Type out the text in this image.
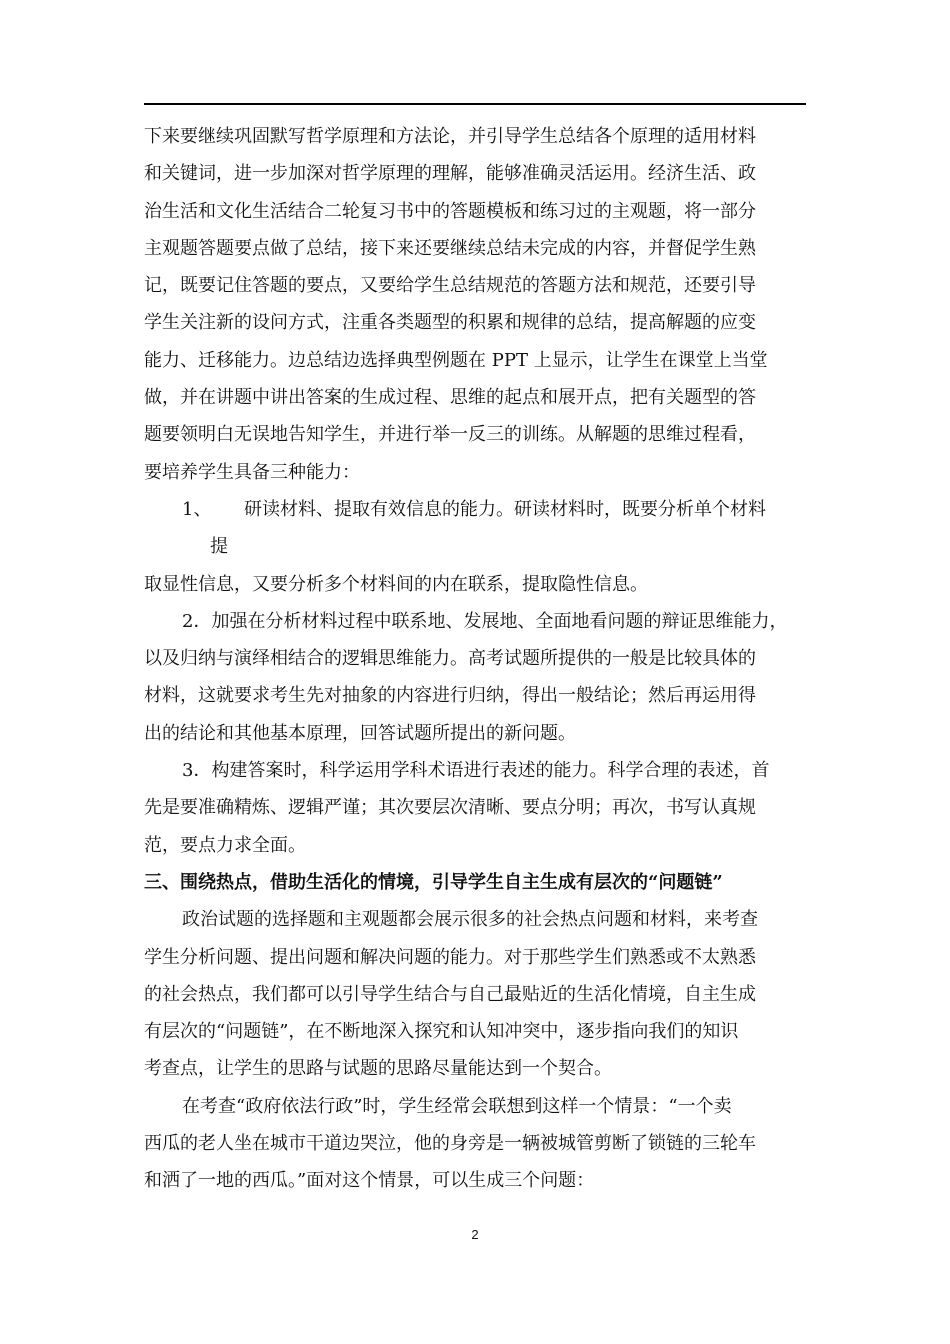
下来要继续巩固默写哲学原理和方法论，并引导学生总结各个原理的适用材料
和关键词，进一步加深对哲学原理的理解，能够准确灵活运用。经济生活、政
治生活和文化生活结合二轮复习书中的答题模板和练习过的主观题，将一部分
主观题答题要点做了总结，接下来还要继续总结未完成的内容，并督促学生熟
记，既要记住答题的要点，又要给学生总结规范的答题方法和规范，还要引导
学生关注新的设问方式，注重各类题型的积累和规律的总结，提高解题的应变
能力、迁移能力。边总结边选择典型例题在 PPT 上显示，让学生在课堂上当堂
做，并在讲题中讲出答案的生成过程、思维的起点和展开点，把有关题型的答
题要领明白无误地告知学生，并进行举一反三的训练。从解题的思维过程看，
要培养学生具备三种能力：
1、 研读材料、提取有效信息的能力。研读材料时，既要分析单个材料
提
取显性信息，又要分析多个材料间的内在联系，提取隐性信息。
2．加强在分析材料过程中联系地、发展地、全面地看问题的辩证思维能力，
以及归纳与演绎相结合的逻辑思维能力。高考试题所提供的一般是比较具体的
材料，这就要求考生先对抽象的内容进行归纳，得出一般结论；然后再运用得
出的结论和其他基本原理，回答试题所提出的新问题。
3．构建答案时，科学运用学科术语进行表述的能力。科学合理的表述，首
先是要准确精炼、逻辑严谨；其次要层次清晰、要点分明；再次，书写认真规
范，要点力求全面。
三、围绕热点，借助生活化的情境，引导学生自主生成有层次的“问题链”
政治试题的选择题和主观题都会展示很多的社会热点问题和材料，来考查
学生分析问题、提出问题和解决问题的能力。对于那些学生们熟悉或不太熟悉
的社会热点，我们都可以引导学生结合与自己最贴近的生活化情境，自主生成
有层次的“问题链”，在不断地深入探究和认知冲突中，逐步指向我们的知识
考查点，让学生的思路与试题的思路尽量能达到一个契合。
在考查“政府依法行政”时，学生经常会联想到这样一个情景：“一个卖
西瓜的老人坐在城市干道边哭泣，他的身旁是一辆被城管剪断了锁链的三轮车
和洒了一地的西瓜。”面对这个情景，可以生成三个问题：
2
